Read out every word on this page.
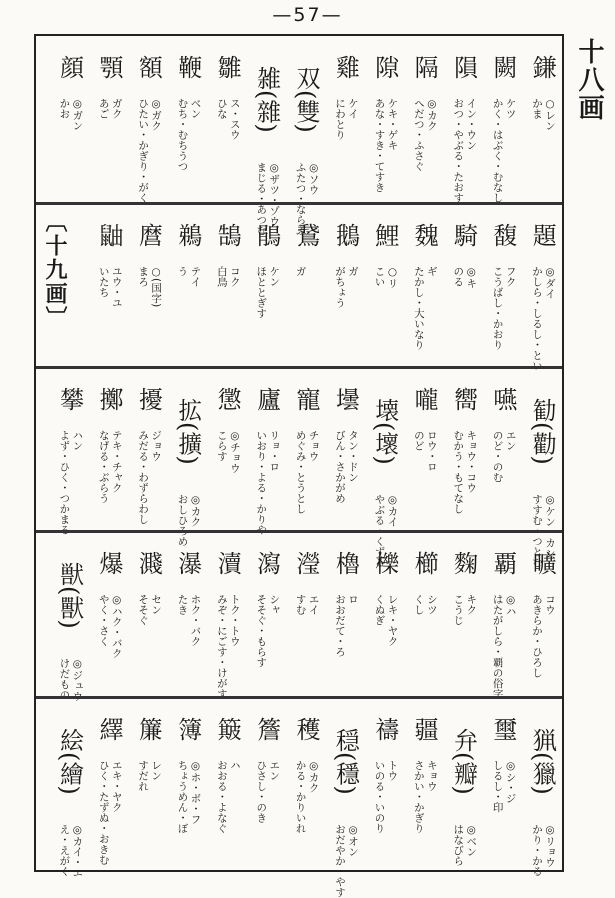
—57—
十八画
鎌
○レン
かま
闕
ケツ
かく・はぶく・むなし
隕
イン・ウン
おつ・やぶる・たおす
隔
◎カク
へだつ・ふさぐ
隙
ケキ・ゲキ
あな・すき・てすき
雞
ケイ
にわとり
双(雙)
◎ソウ
ふたつ・ならぶ
雑(雜)
◎ザツ・ゾウ
まじる・あつむ
雛
ス・スウ
ひな
鞭
ベン
むち・むちうつ
額
◎ガク
ひたい・かぎり・がく
顎
ガク
あご
顔
◎ガン
かお
題
◎ダイ
かしら・しるし・とい
馥
フク
こうばし・かおり
騎
◎キ
のる
魏
ギ
たかし・大いなり
鯉
○リ
こい
鵝
ガ
がちょう
鵞
ガ
鵑
ケン
ほととぎす
鵠
コク
白鳥
鵜
テイ
う
麿
○(国字)
まろ
鼬
ユウ・ユ
いたち
〔十九画〕
勧(勸)
◎ケン・カン
すすむ・つとむ
嚥
エン
のど・のむ
嚮
キョウ・コウ
むかう・もてなし
嚨
ロウ・ロ
のど
壊(壞)
◎カイ
やぶる・くずる
壜
タン・ドン
びん・さかがめ
寵
チョウ
めぐみ・とうとし
廬
リョ・ロ
いおり・よる・かりや
懲
◎チョウ
こらす
拡(擴)
◎カク
おしひろめ
擾
ジョウ
みだる・わずらわし
擲
テキ・チャク
なげる・ぶらう
攀
ハン
よず・ひく・つかまる
曠
コウ
あきらか・ひろし
覇
◎ハ
はたがしら・覇の俗字
麴
キク
こうじ
櫛
シツ
くし
櫟
レキ・ヤク
くぬぎ
櫓
ロ
おおだて・ろ
瀅
エイ
すむ
瀉
シャ
そそぐ・もらす
瀆
トク・トウ
みぞ・にごす・けがす
瀑
ホク・バク
たき
濺
セン
そそぐ
爆
◎ハク・バク
やく・さく
獣(獸)
◎ジュウ
けだもの
猟(獵)
◎リョウ
かり・かる
璽
◎シ・ジ
しるし・印
弁(瓣)
◎ベン
はなびら
疆
キョウ
さかい・かぎり
禱
トウ
いのる・いのり
穏(穩)
◎オン
おだやか・やす
穫
◎カク
かる・かりいれ
簷
エン
ひさし・のき
簸
ハ
おおる・よなぐ
簿
◎ホ・ボ・フ
ちょうめん・ぼ
簾
レン
すだれ
繹
エキ・ヤク
ひく・たずぬ・おきむ
絵(繪)
◎カイ・エ
え・えがく
